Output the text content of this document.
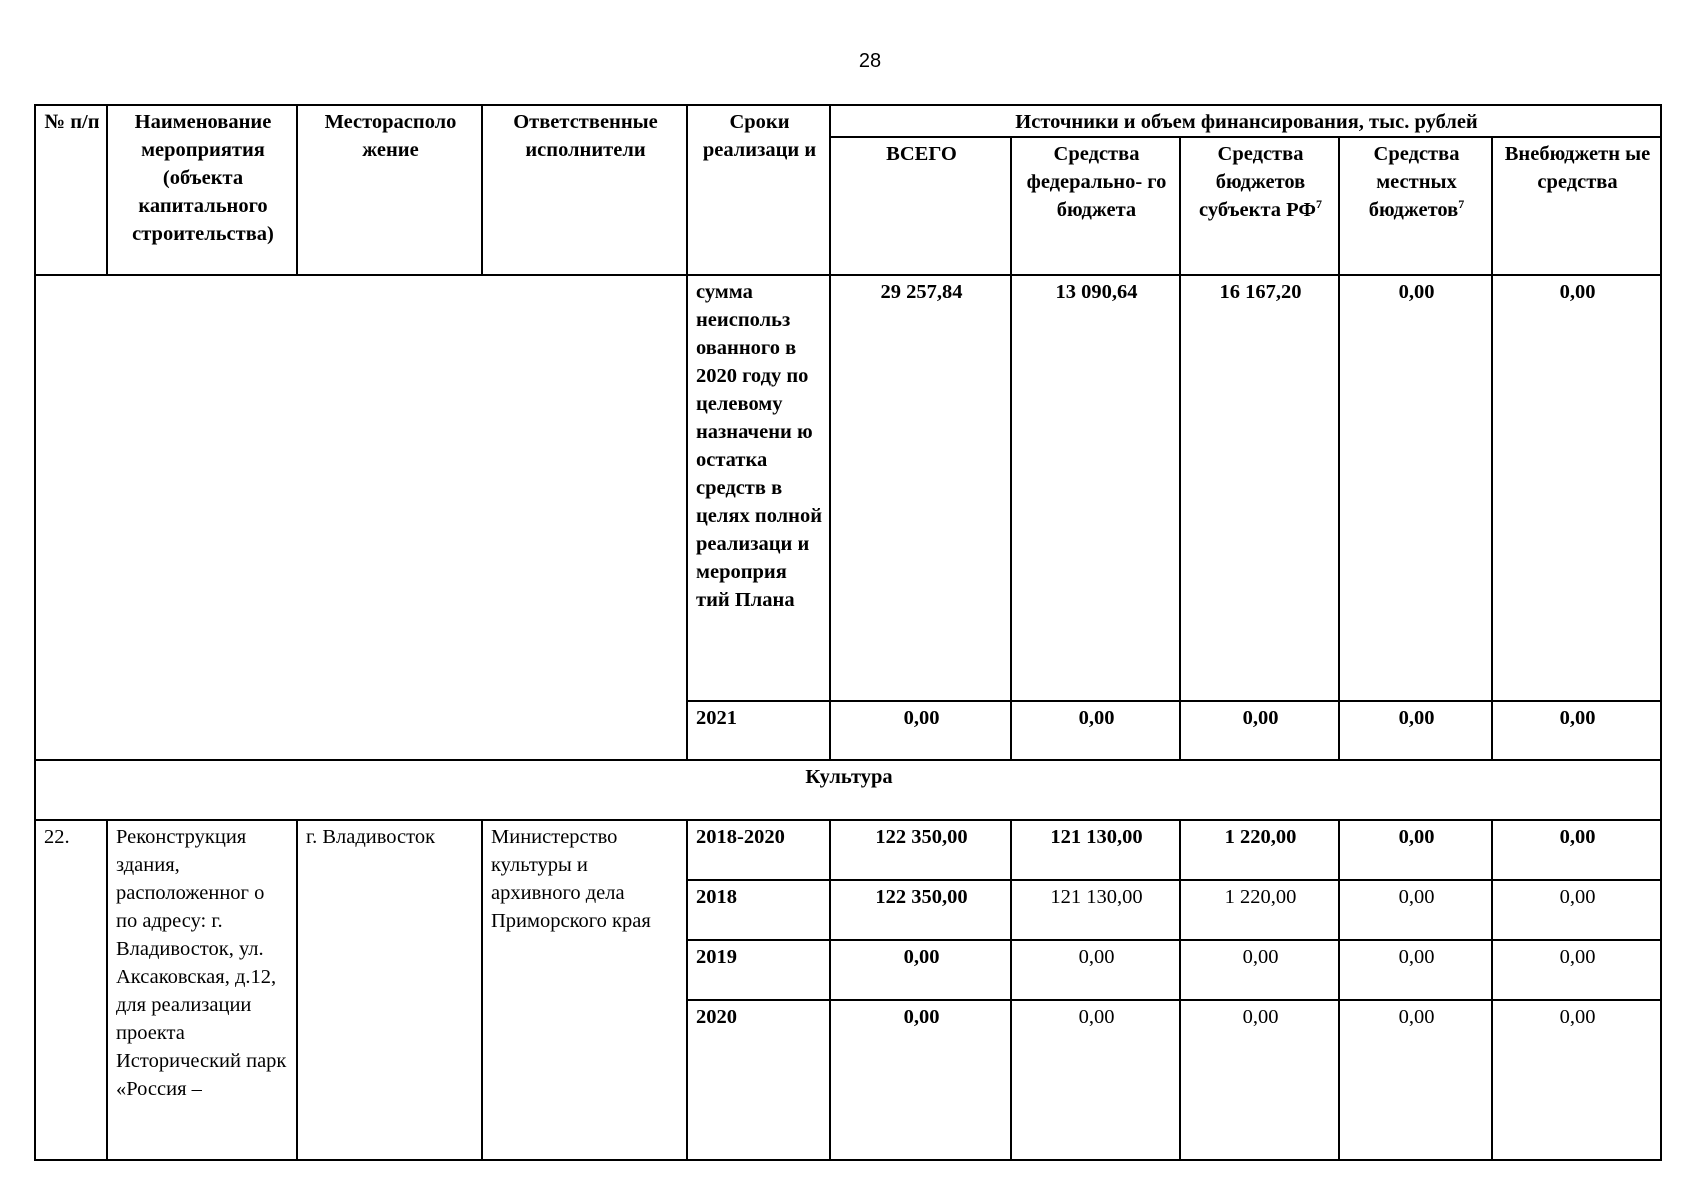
28
№ п/п	Наименование мероприятия (объекта капитального строительства)	Месторасполо жение	Ответственные исполнители	Сроки реализаци и	Источники и объем финансирования, тыс. рублей				
					ВСЕГО	Средства федерально- го бюджета	Средства бюджетов субъекта $РФ^7$	Средства местных бюджетов$^7$	Внебюджетн ые средства
				сумма неиспольз ованного в 2020 году по целевому назначени ю остатка средств в целях полной реализаци и мероприя тий Плана	29 257,84	13 090,64	16 167,20	0,00	0,00
				2021	0,00	0,00	0,00	0,00	0,00
Культура									
22.	Реконструкция здания, расположенног о по адресу: г. Владивосток, ул. Аксаковская, д.12, для реализации проекта Исторический парк «Россия –	г. Владивосток	Министерство культуры и архивного дела Приморского края	2018-2020	122 350,00	121 130,00	1 220,00	0,00	0,00
				2018	122 350,00	121 130,00	1 220,00	0,00	0,00
				2019	0,00	0,00	0,00	0,00	0,00
				2020	0,00	0,00	0,00	0,00	0,00
